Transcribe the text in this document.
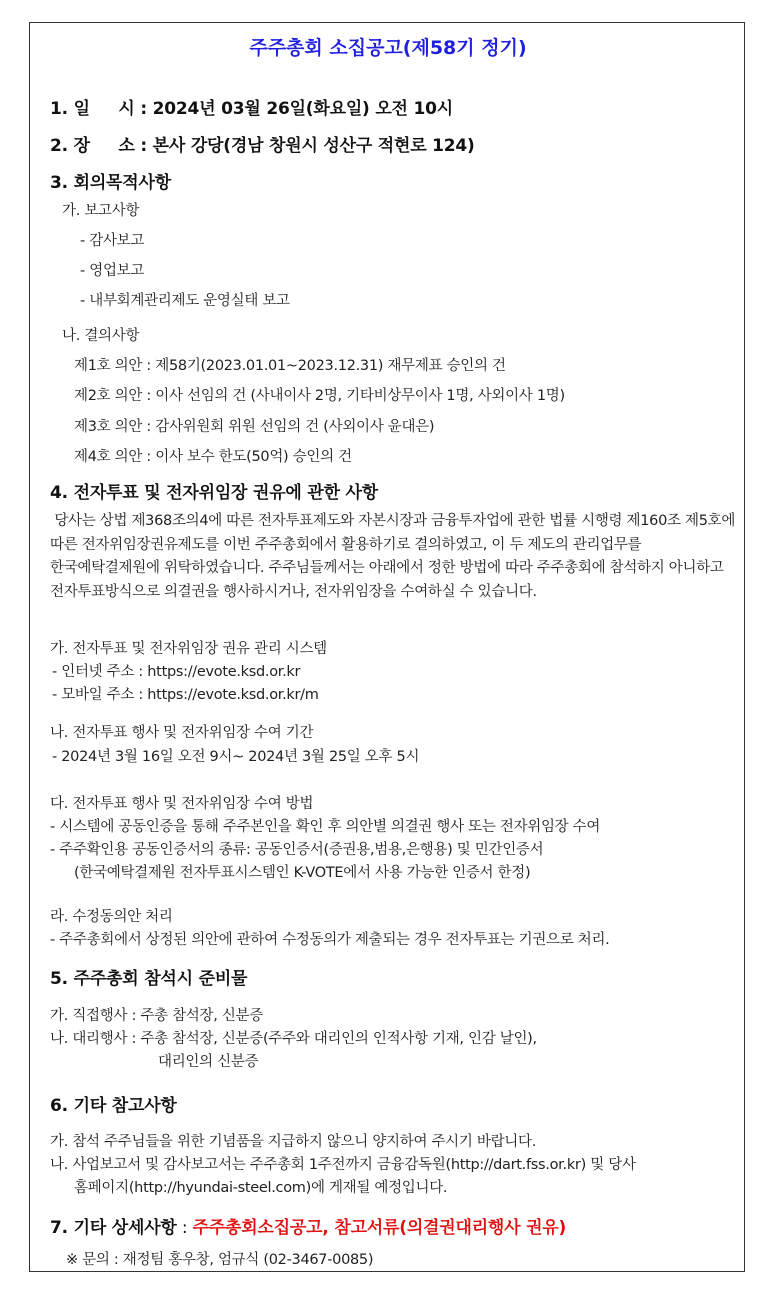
주주총회 소집공고(제58기 정기)
1. 일     시 : 2024년 03월 26일(화요일) 오전 10시
2. 장     소 : 본사 강당(경남 창원시 성산구 적현로 124)
3. 회의목적사항
가. 보고사항
- 감사보고
- 영업보고
- 내부회계관리제도 운영실태 보고
나. 결의사항
제1호 의안 : 제58기(2023.01.01~2023.12.31) 재무제표 승인의 건
제2호 의안 : 이사 선임의 건 (사내이사 2명, 기타비상무이사 1명, 사외이사 1명)
제3호 의안 : 감사위원회 위원 선임의 건 (사외이사 윤대은)
제4호 의안 : 이사 보수 한도(50억) 승인의 건
4. 전자투표 및 전자위임장 권유에 관한 사항
당사는 상법 제368조의4에 따른 전자투표제도와 자본시장과 금융투자업에 관한 법률 시행령 제160조 제5호에 따른 전자위임장권유제도를 이번 주주총회에서 활용하기로 결의하였고, 이 두 제도의 관리업무를 한국예탁결제원에 위탁하였습니다. 주주님들께서는 아래에서 정한 방법에 따라 주주총회에 참석하지 아니하고 전자투표방식으로 의결권을 행사하시거나, 전자위임장을 수여하실 수 있습니다.
가. 전자투표 및 전자위임장 권유 관리 시스템
- 인터넷 주소 : https://evote.ksd.or.kr
- 모바일 주소 : https://evote.ksd.or.kr/m
나. 전자투표 행사 및 전자위임장 수여 기간
- 2024년 3월 16일 오전 9시~ 2024년 3월 25일 오후 5시
다. 전자투표 행사 및 전자위임장 수여 방법
- 시스템에 공동인증을 통해 주주본인을 확인 후 의안별 의결권 행사 또는 전자위임장 수여
- 주주확인용 공동인증서의 종류: 공동인증서(증권용,범용,은행용) 및 민간인증서
(한국예탁결제원 전자투표시스템인 K-VOTE에서 사용 가능한 인증서 한정)
라. 수정동의안 처리
- 주주총회에서 상정된 의안에 관하여 수정동의가 제출되는 경우 전자투표는 기권으로 처리.
5. 주주총회 참석시 준비물
가. 직접행사 : 주총 참석장, 신분증
나. 대리행사 : 주총 참석장, 신분증(주주와 대리인의 인적사항 기재, 인감 날인),
대리인의 신분증
6. 기타 참고사항
가. 참석 주주님들을 위한 기념품을 지급하지 않으니 양지하여 주시기 바랍니다.
나. 사업보고서 및 감사보고서는 주주총회 1주전까지 금융감독원(http://dart.fss.or.kr) 및 당사
홈페이지(http://hyundai-steel.com)에 게재될 예정입니다.
7. 기타 상세사항 : 주주총회소집공고, 참고서류(의결권대리행사 권유)
※ 문의 : 재정팀 홍우창, 엄규식 (02-3467-0085)
